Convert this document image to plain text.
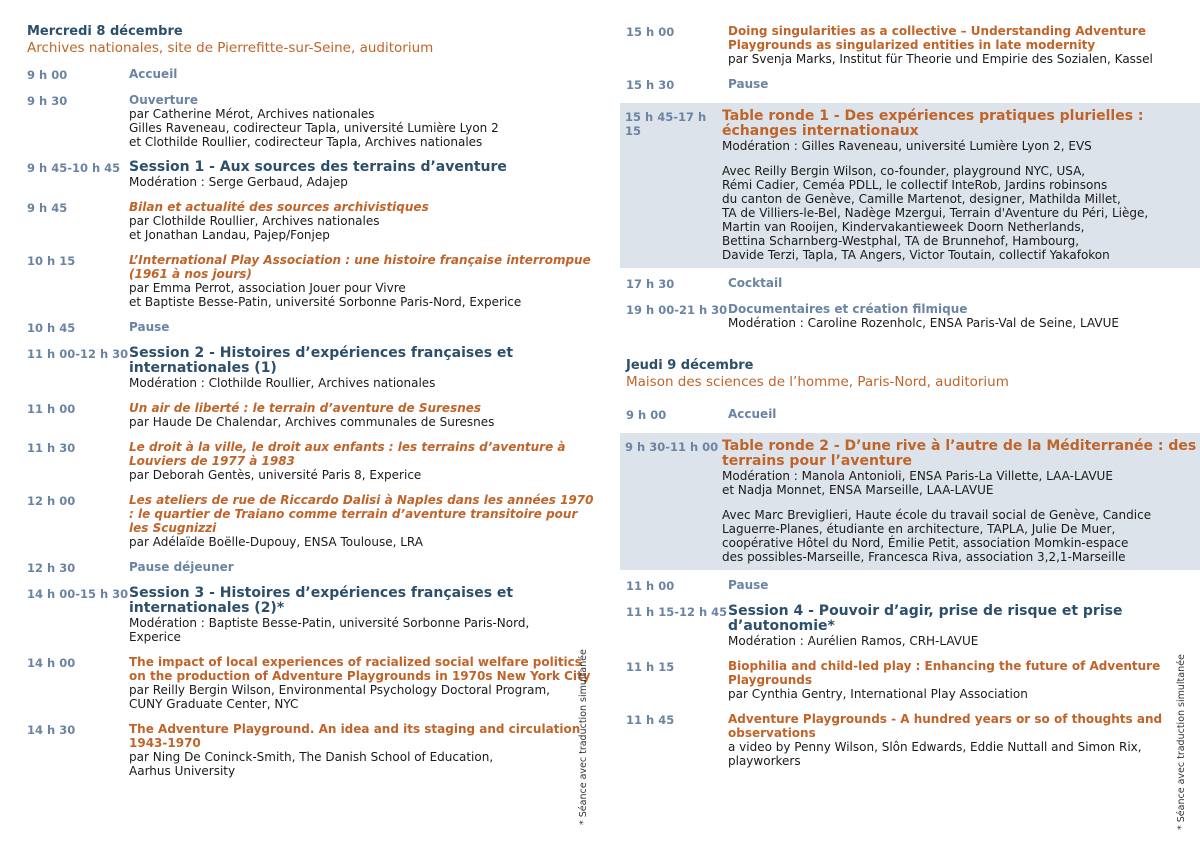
Mercredi 8 décembre
Archives nationales, site de Pierrefitte-sur-Seine, auditorium
9 h 00	Accueil
9 h 30	Ouverture
par Catherine Mérot, Archives nationales
Gilles Raveneau, codirecteur Tapla, université Lumière Lyon 2
et Clothilde Roullier, codirecteur Tapla, Archives nationales
9 h 45-10 h 45 Session 1 - Aux sources des terrains d’aventure
Modération : Serge Gerbaud, Adajep
9 h 45	Bilan et actualité des sources archivistiques
par Clothilde Roullier, Archives nationales
et Jonathan Landau, Pajep/Fonjep
10 h 15	L’International Play Association : une histoire française interrompue (1961 à nos jours)
par Emma Perrot, association Jouer pour Vivre
et Baptiste Besse-Patin, université Sorbonne Paris-Nord, Experice
10 h 45	Pause
11 h 00-12 h 30 Session 2 - Histoires d’expériences françaises et internationales (1)
Modération : Clothilde Roullier, Archives nationales
11 h 00	Un air de liberté : le terrain d’aventure de Suresnes
par Haude De Chalendar, Archives communales de Suresnes
11 h 30	Le droit à la ville, le droit aux enfants : les terrains d’aventure à Louviers de 1977 à 1983
par Deborah Gentès, université Paris 8, Experice
12 h 00	Les ateliers de rue de Riccardo Dalisi à Naples dans les années 1970 : le quartier de Traiano comme terrain d’aventure transitoire pour les Scugnizzi
par Adélaïde Boëlle-Dupouy, ENSA Toulouse, LRA
12 h 30	Pause déjeuner
14 h 00-15 h 30 Session 3 - Histoires d’expériences françaises et internationales (2)*
Modération : Baptiste Besse-Patin, université Sorbonne Paris-Nord,
Experice
14 h 00	The impact of local experiences of racialized social welfare politics on the production of Adventure Playgrounds in 1970s New York City
par Reilly Bergin Wilson, Environmental Psychology Doctoral Program,
CUNY Graduate Center, NYC
14 h 30	The Adventure Playground. An idea and its staging and circulation 1943-1970
par Ning De Coninck-Smith, The Danish School of Education,
Aarhus University
15 h 00	Doing singularities as a collective – Understanding Adventure Playgrounds as singularized entities in late modernity
par Svenja Marks, Institut für Theorie und Empirie des Sozialen, Kassel
15 h 30	Pause
15 h 45-17 h 15
Table ronde 1 - Des expériences pratiques plurielles : échanges internationaux
Modération : Gilles Raveneau, université Lumière Lyon 2, EVS
Avec Reilly Bergin Wilson, co-founder, playground NYC, USA,
Rémi Cadier, Ceméa PDLL, le collectif InteRob, Jardins robinsons
du canton de Genève, Camille Martenot, designer, Mathilda Millet,
TA de Villiers-le-Bel, Nadège Mzergui, Terrain d'Aventure du Péri, Liège,
Martin van Rooijen, Kindervakantieweek Doorn Netherlands,
Bettina Scharnberg-Westphal, TA de Brunnehof, Hambourg,
Davide Terzi, Tapla, TA Angers, Victor Toutain, collectif Yakafokon
17 h 30	Cocktail
19 h 00-21 h 30 Documentaires et création filmique
Modération : Caroline Rozenholc, ENSA Paris-Val de Seine, LAVUE
Jeudi 9 décembre
Maison des sciences de l’homme, Paris-Nord, auditorium
9 h 00	Accueil
9 h 30-11 h 00 Table ronde 2 - D’une rive à l’autre de la Méditerranée : des terrains pour l’aventure
Modération : Manola Antonioli, ENSA Paris-La Villette, LAA-LAVUE
et Nadja Monnet, ENSA Marseille, LAA-LAVUE
Avec Marc Breviglieri, Haute école du travail social de Genève, Candice
Laguerre-Planes, étudiante en architecture, TAPLA, Julie De Muer,
coopérative Hôtel du Nord, Émilie Petit, association Momkin-espace
des possibles-Marseille, Francesca Riva, association 3,2,1-Marseille
11 h 00	Pause
11 h 15-12 h 45 Session 4 - Pouvoir d’agir, prise de risque et prise d’autonomie*
Modération : Aurélien Ramos, CRH-LAVUE
11 h 15	Biophilia and child-led play : Enhancing the future of Adventure Playgrounds
par Cynthia Gentry, International Play Association
11 h 45	Adventure Playgrounds - A hundred years or so of thoughts and observations
a video by Penny Wilson, Slôn Edwards, Eddie Nuttall and Simon Rix,
playworkers
* Séance avec traduction simultanée	* Séance avec traduction simultanée
